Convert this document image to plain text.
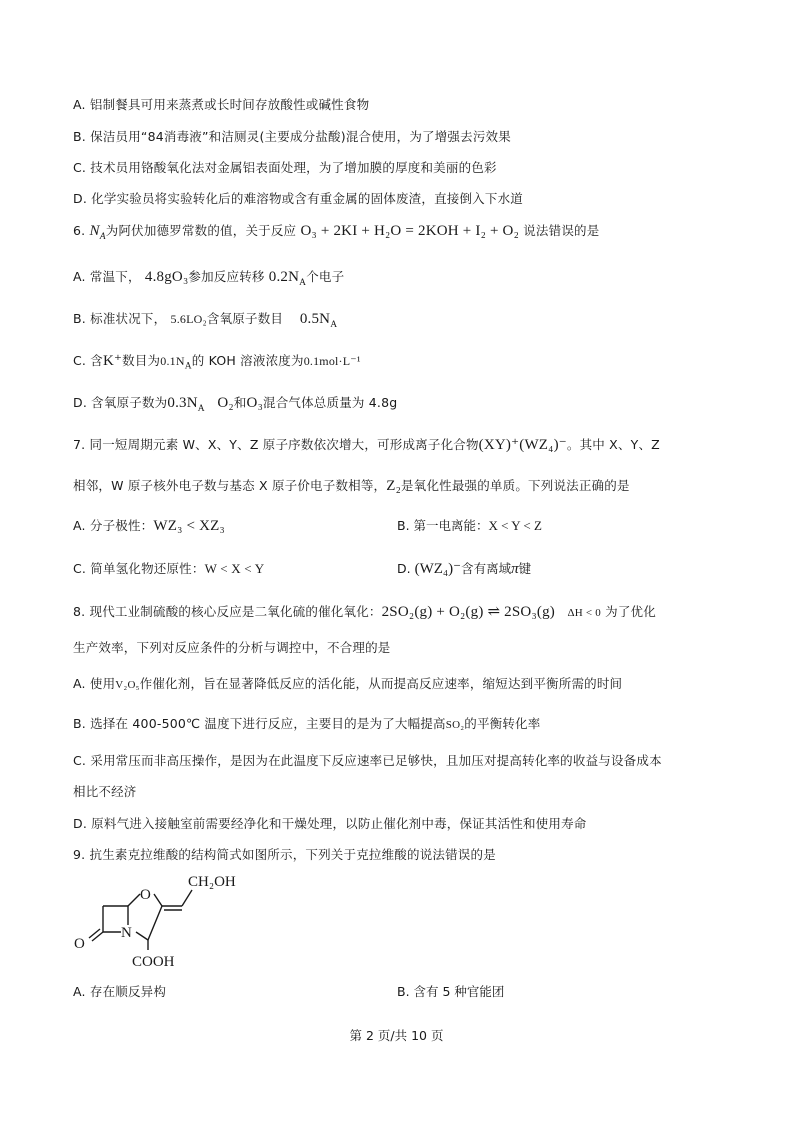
A. 铝制餐具可用来蒸煮或长时间存放酸性或碱性食物
B. 保洁员用“84消毒液”和洁厕灵(主要成分盐酸)混合使用，为了增强去污效果
C. 技术员用铬酸氧化法对金属铝表面处理，为了增加膜的厚度和美丽的色彩
D. 化学实验员将实验转化后的难溶物或含有重金属的固体废渣，直接倒入下水道
6. $N_A$为阿伏加德罗常数的值，关于反应 O₃ + 2KI + H₂O = 2KOH + I₂ + O₂ 说法错误的是
A. 常温下， 4.8gO₃参加反应转移 $0.2N_A$个电子
B. 标准状况下， 5.6LO₂含氧原子数目 $0.5N_A$
C. 含K⁺数目为$0.1N_A$的 KOH 溶液浓度为0.1mol·L⁻¹
D. 含氧原子数为$0.3N_A$ O₂和O₃混合气体总质量为 4.8g
7. 同一短周期元素 W、X、Y、Z 原子序数依次增大，可形成离子化合物(XY)⁺(WZ₄)⁻。其中 X、Y、Z
相邻，W 原子核外电子数与基态 X 原子价电子数相等，Z₂是氧化性最强的单质。下列说法正确的是
A. 分子极性：WZ₃ < XZ₃	B. 第一电离能：X < Y < Z
C. 简单氢化物还原性：W < X < Y	D. (WZ₄)⁻含有离域π键
8. 现代工业制硫酸的核心反应是二氧化硫的催化氧化：2SO₂(g) + O₂(g) ⇌ 2SO₃(g) ΔH < 0 为了优化
生产效率，下列对反应条件的分析与调控中，不合理的是
A. 使用V₂O₅作催化剂，旨在显著降低反应的活化能，从而提高反应速率，缩短达到平衡所需的时间
B. 选择在 400-500℃ 温度下进行反应，主要目的是为了大幅提高SO₂的平衡转化率
C. 采用常压而非高压操作，是因为在此温度下反应速率已足够快，且加压对提高转化率的收益与设备成本
相比不经济
D. 原料气进入接触室前需要经净化和干燥处理，以防止催化剂中毒，保证其活性和使用寿命
9. 抗生素克拉维酸的结构简式如图所示，下列关于克拉维酸的说法错误的是
O
N
O
CH₂OH
COOH
A. 存在顺反异构	B. 含有 5 种官能团
第 2 页/共 10 页
